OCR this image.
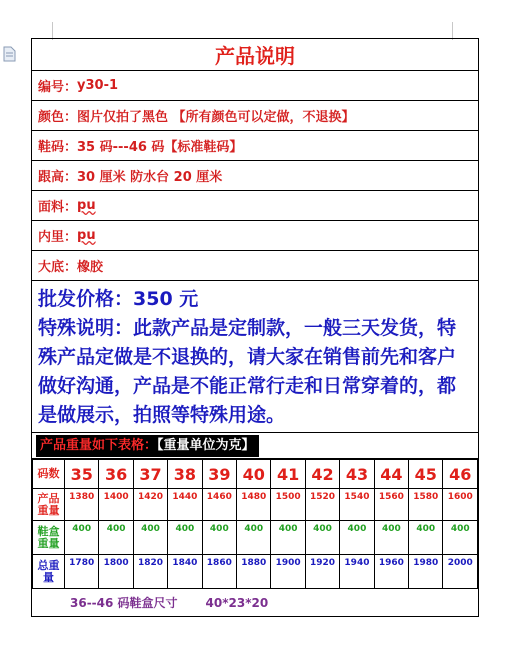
产品说明
编号： y30-1
颜色： 图片仅拍了黑色 【所有颜色可以定做，不退换】
鞋码： 35 码---46 码【标准鞋码】
跟高： 30 厘米 防水台 20 厘米
面料： pu
内里： pu
大底： 橡胶
批发价格：350 元
特殊说明：此款产品是定制款，一般三天发货，特殊产品定做是不退换的，请大家在销售前先和客户做好沟通，产品是不能正常行走和日常穿着的，都是做展示，拍照等特殊用途。
产品重量如下表格：【重量单位为克】
码数	35	36	37	38	39	40	41	42	43	44	45	46
产品重量	1380	1400	1420	1440	1460	1480	1500	1520	1540	1560	1580	1600
鞋盒重量	400	400	400	400	400	400	400	400	400	400	400	400
总重量	1780	1800	1820	1840	1860	1880	1900	1920	1940	1960	1980	2000
36--46 码鞋盒尺寸 40*23*20
